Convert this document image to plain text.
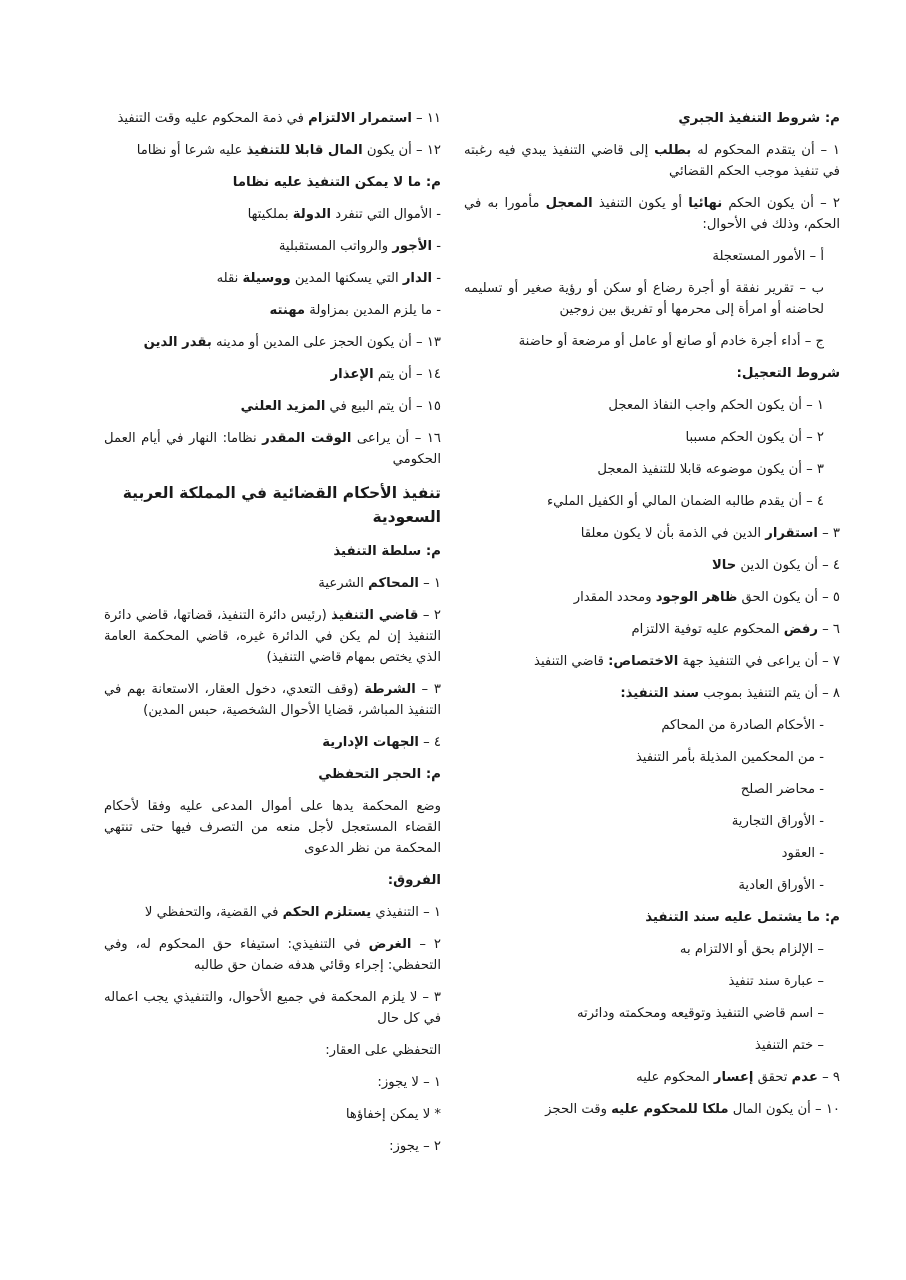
م: شروط التنفيذ الجبري
١ – أن يتقدم المحكوم له بطلب إلى قاضي التنفيذ يبدي فيه رغبته في تنفيذ موجب الحكم القضائي
٢ – أن يكون الحكم نهائيا أو يكون التنفيذ المعجل مأمورا به في الحكم، وذلك في الأحوال:
أ – الأمور المستعجلة
ب – تقرير نفقة أو أجرة رضاع أو سكن أو رؤية صغير أو تسليمه لحاضنه أو امرأة إلى محرمها أو تفريق بين زوجين
ج – أداء أجرة خادم أو صانع أو عامل أو مرضعة أو حاضنة
شروط التعجيل:
١ – أن يكون الحكم واجب النفاذ المعجل
٢ – أن يكون الحكم مسببا
٣ – أن يكون موضوعه قابلا للتنفيذ المعجل
٤ – أن يقدم طالبه الضمان المالي أو الكفيل المليء
٣ – استقرار الدين في الذمة بأن لا يكون معلقا
٤ – أن يكون الدين حالا
٥ – أن يكون الحق ظاهر الوجود ومحدد المقدار
٦ – رفض المحكوم عليه توفية الالتزام
٧ – أن يراعى في التنفيذ جهة الاختصاص: قاضي التنفيذ
٨ – أن يتم التنفيذ بموجب سند التنفيذ:
- الأحكام الصادرة من المحاكم
- من المحكمين المذيلة بأمر التنفيذ
- محاضر الصلح
- الأوراق التجارية
- العقود
- الأوراق العادية
م: ما يشتمل عليه سند التنفيذ
– الإلزام بحق أو الالتزام به
– عبارة سند تنفيذ
– اسم قاضي التنفيذ وتوقيعه ومحكمته ودائرته
– ختم التنفيذ
٩ – عدم تحقق إعسار المحكوم عليه
١٠ – أن يكون المال ملكا للمحكوم عليه وقت الحجز
١١ – استمرار الالتزام في ذمة المحكوم عليه وقت التنفيذ
١٢ – أن يكون المال قابلا للتنفيذ عليه شرعا أو نظاما
م: ما لا يمكن التنفيذ عليه نظاما
- الأموال التي تنفرد الدولة بملكيتها
- الأجور والرواتب المستقبلية
- الدار التي يسكنها المدين ووسيلة نقله
- ما يلزم المدين بمزاولة مهنته
١٣ – أن يكون الحجز على المدين أو مدينه بقدر الدين
١٤ – أن يتم الإعذار
١٥ – أن يتم البيع في المزيد العلني
١٦ – أن يراعى الوقت المقدر نظاما: النهار في أيام العمل الحكومي
تنفيذ الأحكام القضائية في المملكة العربية السعودية
م: سلطة التنفيذ
١ – المحاكم الشرعية
٢ – قاضي التنفيذ (رئيس دائرة التنفيذ، قضاتها، قاضي دائرة التنفيذ إن لم يكن في الدائرة غيره، قاضي المحكمة العامة الذي يختص بمهام قاضي التنفيذ)
٣ – الشرطة (وقف التعدي، دخول العقار، الاستعانة بهم في التنفيذ المباشر، قضايا الأحوال الشخصية، حبس المدين)
٤ – الجهات الإدارية
م: الحجر التحفظي
وضع المحكمة يدها على أموال المدعى عليه وفقا لأحكام القضاء المستعجل لأجل منعه من التصرف فيها حتى تنتهي المحكمة من نظر الدعوى
الفروق:
١ – التنفيذي يستلزم الحكم في القضية، والتحفظي لا
٢ – الغرض في التنفيذي: استيفاء حق المحكوم له، وفي التحفظي: إجراء وقائي هدفه ضمان حق طالبه
٣ – لا يلزم المحكمة في جميع الأحوال، والتنفيذي يجب اعماله في كل حال
التحفظي على العقار:
١ – لا يجوز:
* لا يمكن إخفاؤها
٢ – يجوز:
